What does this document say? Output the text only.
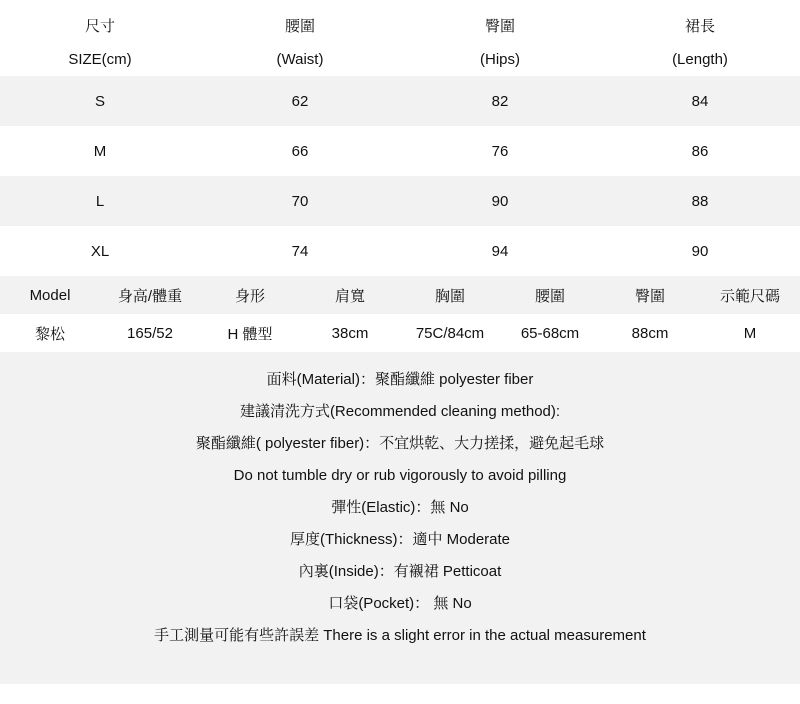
尺寸	腰圍	臀圍	裙長
SIZE(cm)	(Waist)	(Hips)	(Length)
S	62	82	84
M	66	76	86
L	70	90	88
XL	74	94	90
Model	身高/體重	身形	肩寬	胸圍	腰圍	臀圍	示範尺碼
黎松	165/52	H 體型	38cm	75C/84cm	65-68cm	88cm	M
面料(Material)：聚酯纖維 polyester fiber
建議清洗方式(Recommended cleaning method):
聚酯纖維( polyester fiber)：不宜烘乾、大力搓揉，避免起毛球
Do not tumble dry or rub vigorously to avoid pilling
彈性(Elastic)：無 No
厚度(Thickness)：適中 Moderate
內裏(Inside)：有襯裙 Petticoat
口袋(Pocket)： 無 No
手工測量可能有些許誤差 There is a slight error in the actual measurement
